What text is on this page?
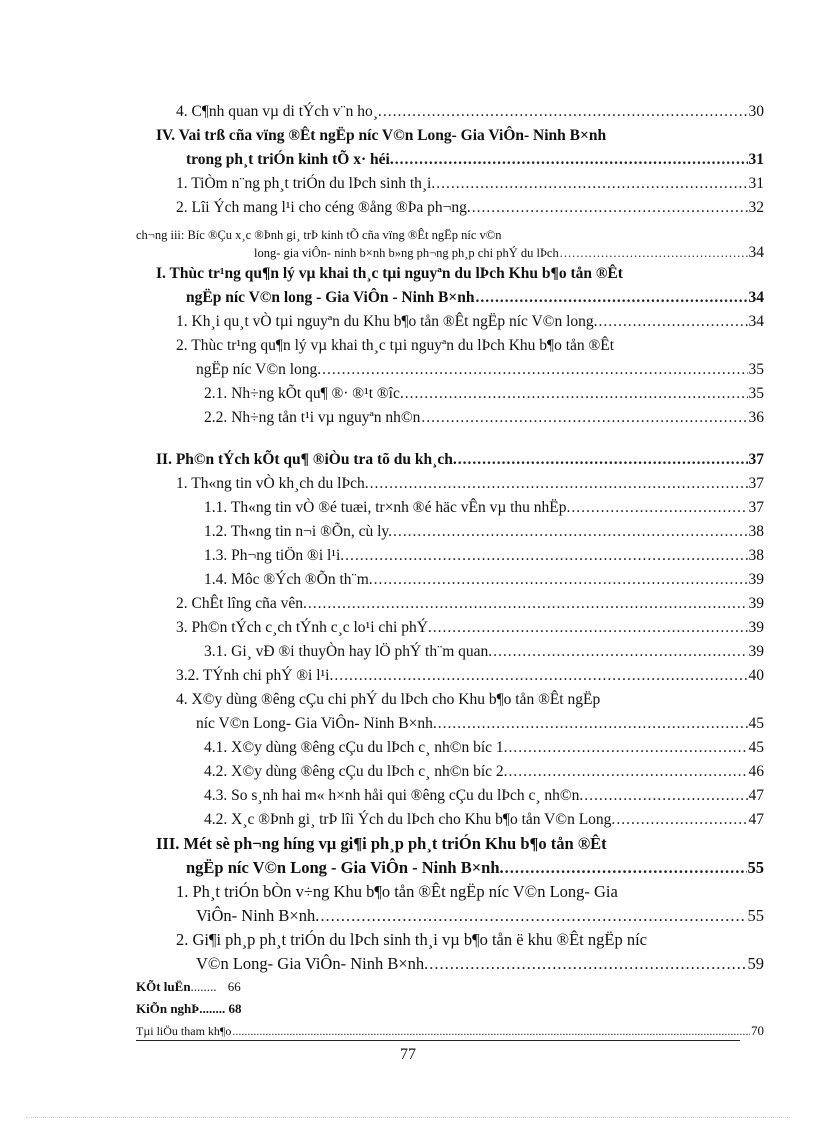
4. C¶nh quan vµ di tÝch v¨n ho¸. .....	30
IV. Vai trß cña vïng ®Êt ngËp níc V©n Long- Gia ViÔn- Ninh B×nh
trong ph¸t triÓn kinh tÕ x· héi. .....	31
1. TiÒm n¨ng ph¸t triÓn du lÞch sinh th¸i. .....	31
2. Lîi Ých mang l¹i cho céng ®ång ®Þa ph¬ng. .....	32
ch¬ng iii: Bíc ®Çu x¸c ®Þnh gi¸ trÞ kinh tÕ cña vïng ®Êt ngËp níc v©n
long- gia viÔn- ninh b×nh b»ng ph¬ng ph¸p chi phÝ du lÞch .....	34
I. Thùc tr¹ng qu¶n lý vµ khai th¸c tµi nguyªn du lÞch Khu b¶o tån ®Êt
ngËp níc V©n long - Gia ViÔn - Ninh B×nh .....	34
1. Kh¸i qu¸t vÒ tµi nguyªn du Khu b¶o tån ®Êt ngËp níc V©n long. .....	34
2. Thùc tr¹ng qu¶n lý vµ khai th¸c tµi nguyªn du lÞch Khu b¶o tån ®Êt
ngËp níc V©n long. .....	35
2.1. Nh÷ng kÕt qu¶ ®· ®¹t ®îc. .....	35
2.2. Nh÷ng tån t¹i vµ nguyªn nh©n .....	36
II. Ph©n tÝch kÕt qu¶ ®iÒu tra tõ du kh¸ch. .....	37
1. Th«ng tin vÒ kh¸ch du lÞch. .....	37
1.1. Th«ng tin vÒ ®é tuæi, tr×nh ®é häc vÊn vµ thu nhËp. .....	37
1.2. Th«ng tin n¬i ®Õn, cù ly. .....	38
1.3. Ph¬ng tiÖn ®i l¹i. .....	38
1.4. Môc ®Ých ®Õn th¨m. .....	39
2. ChÊt lîng cña vên. .....	39
3. Ph©n tÝch c¸ch tÝnh c¸c lo¹i chi phÝ. .....	39
3.1. Gi¸ vÐ ®i thuyÒn hay lÖ phÝ th¨m quan. .....	39
3.2. TÝnh chi phÝ ®i l¹i. .....	40
4. X©y dùng ®êng cÇu chi phÝ du lÞch cho Khu b¶o tån ®Êt ngËp
níc V©n Long- Gia ViÔn- Ninh B×nh. .....	45
4.1. X©y dùng ®êng cÇu du lÞch c¸ nh©n bíc 1. .....	45
4.2. X©y dùng ®êng cÇu du lÞch c¸ nh©n bíc 2. .....	46
4.3. So s¸nh hai m« h×nh håi qui ®êng cÇu du lÞch c¸ nh©n. .....	47
4.2. X¸c ®Þnh gi¸ trÞ lîi Ých du lÞch cho Khu b¶o tån V©n Long. .....	47
III. Mét sè ph¬ng híng vµ gi¶i ph¸p ph¸t triÓn Khu b¶o tån ®Êt
ngËp níc V©n Long - Gia ViÔn - Ninh B×nh. .....	55
1. Ph¸t triÓn bÒn v÷ng Khu b¶o tån ®Êt ngËp níc V©n Long- Gia
ViÔn- Ninh B×nh. .....	55
2. Gi¶i ph¸p ph¸t triÓn du lÞch sinh th¸i vµ b¶o tån ë khu ®Êt ngËp níc
V©n Long- Gia ViÔn- Ninh B×nh. .....	59
KÕt luËn........ 66
KiÕn nghÞ........ 68
Tµi liÖu tham kh¶o .....	70
77
